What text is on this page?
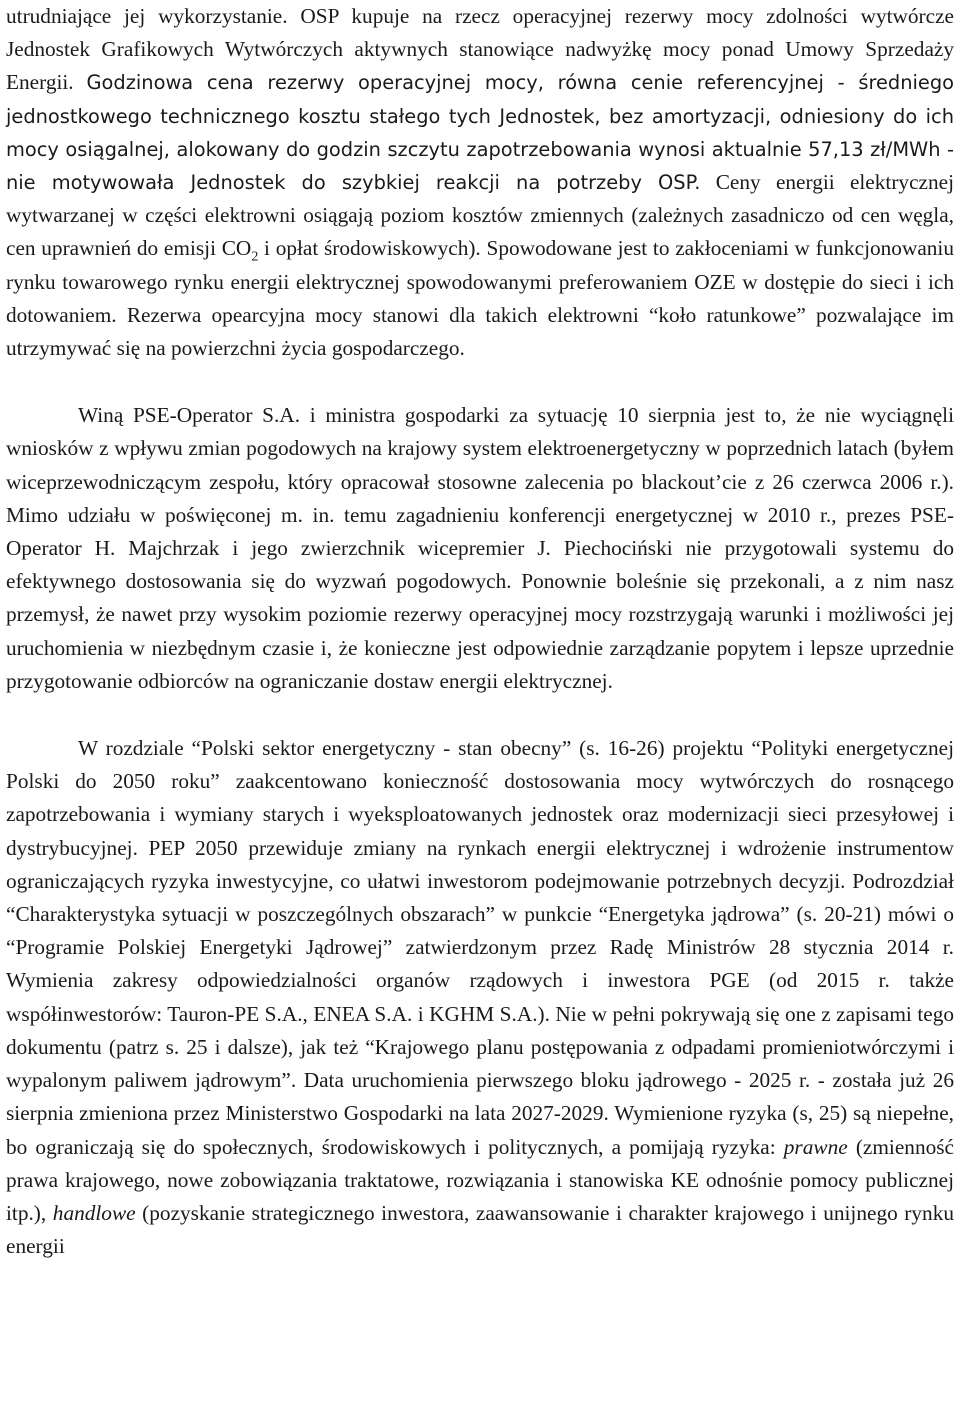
utrudniające jej wykorzystanie. OSP kupuje na rzecz operacyjnej rezerwy mocy zdolności wytwórcze Jednostek Grafikowych Wytwórczych aktywnych stanowiące nadwyżkę mocy ponad Umowy Sprzedaży Energii. Godzinowa cena rezerwy operacyjnej mocy, równa cenie referencyjnej - średniego jednostkowego technicznego kosztu stałego tych Jednostek, bez amortyzacji, odniesiony do ich mocy osiągalnej, alokowany do godzin szczytu zapotrzebowania wynosi aktualnie 57,13 zł/MWh - nie motywowała Jednostek do szybkiej reakcji na potrzeby OSP. Ceny energii elektrycznej wytwarzanej w części elektrowni osiągają poziom kosztów zmiennych (zależnych zasadniczo od cen węgla, cen uprawnień do emisji $CO_2$ i opłat środowiskowych). Spowodowane jest to zakłoceniami w funkcjonowaniu rynku towarowego rynku energii elektrycznej spowodowanymi preferowaniem OZE w dostępie do sieci i ich dotowaniem. Rezerwa opearcyjna mocy stanowi dla takich elektrowni “koło ratunkowe” pozwalające im utrzymywać się na powierzchni życia gospodarczego.

Winą PSE-Operator S.A. i ministra gospodarki za sytuację 10 sierpnia jest to, że nie wyciągnęli wniosków z wpływu zmian pogodowych na krajowy system elektroenergetyczny w poprzednich latach (byłem wiceprzewodniczącym zespołu, który opracował stosowne zalecenia po blackout’cie z 26 czerwca 2006 r.). Mimo udziału w poświęconej m. in. temu zagadnieniu konferencji energetycznej w 2010 r., prezes PSE-Operator H. Majchrzak i jego zwierzchnik wicepremier J. Piechociński nie przygotowali systemu do efektywnego dostosowania się do wyzwań pogodowych. Ponownie boleśnie się przekonali, a z nim nasz przemysł, że nawet przy wysokim poziomie rezerwy operacyjnej mocy rozstrzygają warunki i możliwości jej uruchomienia w niezbędnym czasie i, że konieczne jest odpowiednie zarządzanie popytem i lepsze uprzednie przygotowanie odbiorców na ograniczanie dostaw energii elektrycznej.

W rozdziale “Polski sektor energetyczny - stan obecny” (s. 16-26) projektu “Polityki energetycznej Polski do 2050 roku” zaakcentowano konieczność dostosowania mocy wytwórczych do rosnącego zapotrzebowania i wymiany starych i wyeksploatowanych jednostek oraz modernizacji sieci przesyłowej i dystrybucyjnej. PEP 2050 przewiduje zmiany na rynkach energii elektrycznej i wdrożenie instrumentow ograniczających ryzyka inwestycyjne, co ułatwi inwestorom podejmowanie potrzebnych decyzji. Podrozdział “Charakterystyka sytuacji w poszczególnych obszarach” w punkcie “Energetyka jądrowa” (s. 20-21) mówi o “Programie Polskiej Energetyki Jądrowej” zatwierdzonym przez Radę Ministrów 28 stycznia 2014 r. Wymienia zakresy odpowiedzialności organów rządowych i inwestora PGE (od 2015 r. także współinwestorów: Tauron-PE S.A., ENEA S.A. i KGHM S.A.). Nie w pełni pokrywają się one z zapisami tego dokumentu (patrz s. 25 i dalsze), jak też “Krajowego planu postępowania z odpadami promieniotwórczymi i wypalonym paliwem jądrowym”. Data uruchomienia pierwszego bloku jądrowego - 2025 r. - została już 26 sierpnia zmieniona przez Ministerstwo Gospodarki na lata 2027-2029. Wymienione ryzyka (s, 25) są niepełne, bo ograniczają się do społecznych, środowiskowych i politycznych, a pomijają ryzyka: prawne (zmienność prawa krajowego, nowe zobowiązania traktatowe, rozwiązania i stanowiska KE odnośnie pomocy publicznej itp.), handlowe (pozyskanie strategicznego inwestora, zaawansowanie i charakter krajowego i unijnego rynku energii
